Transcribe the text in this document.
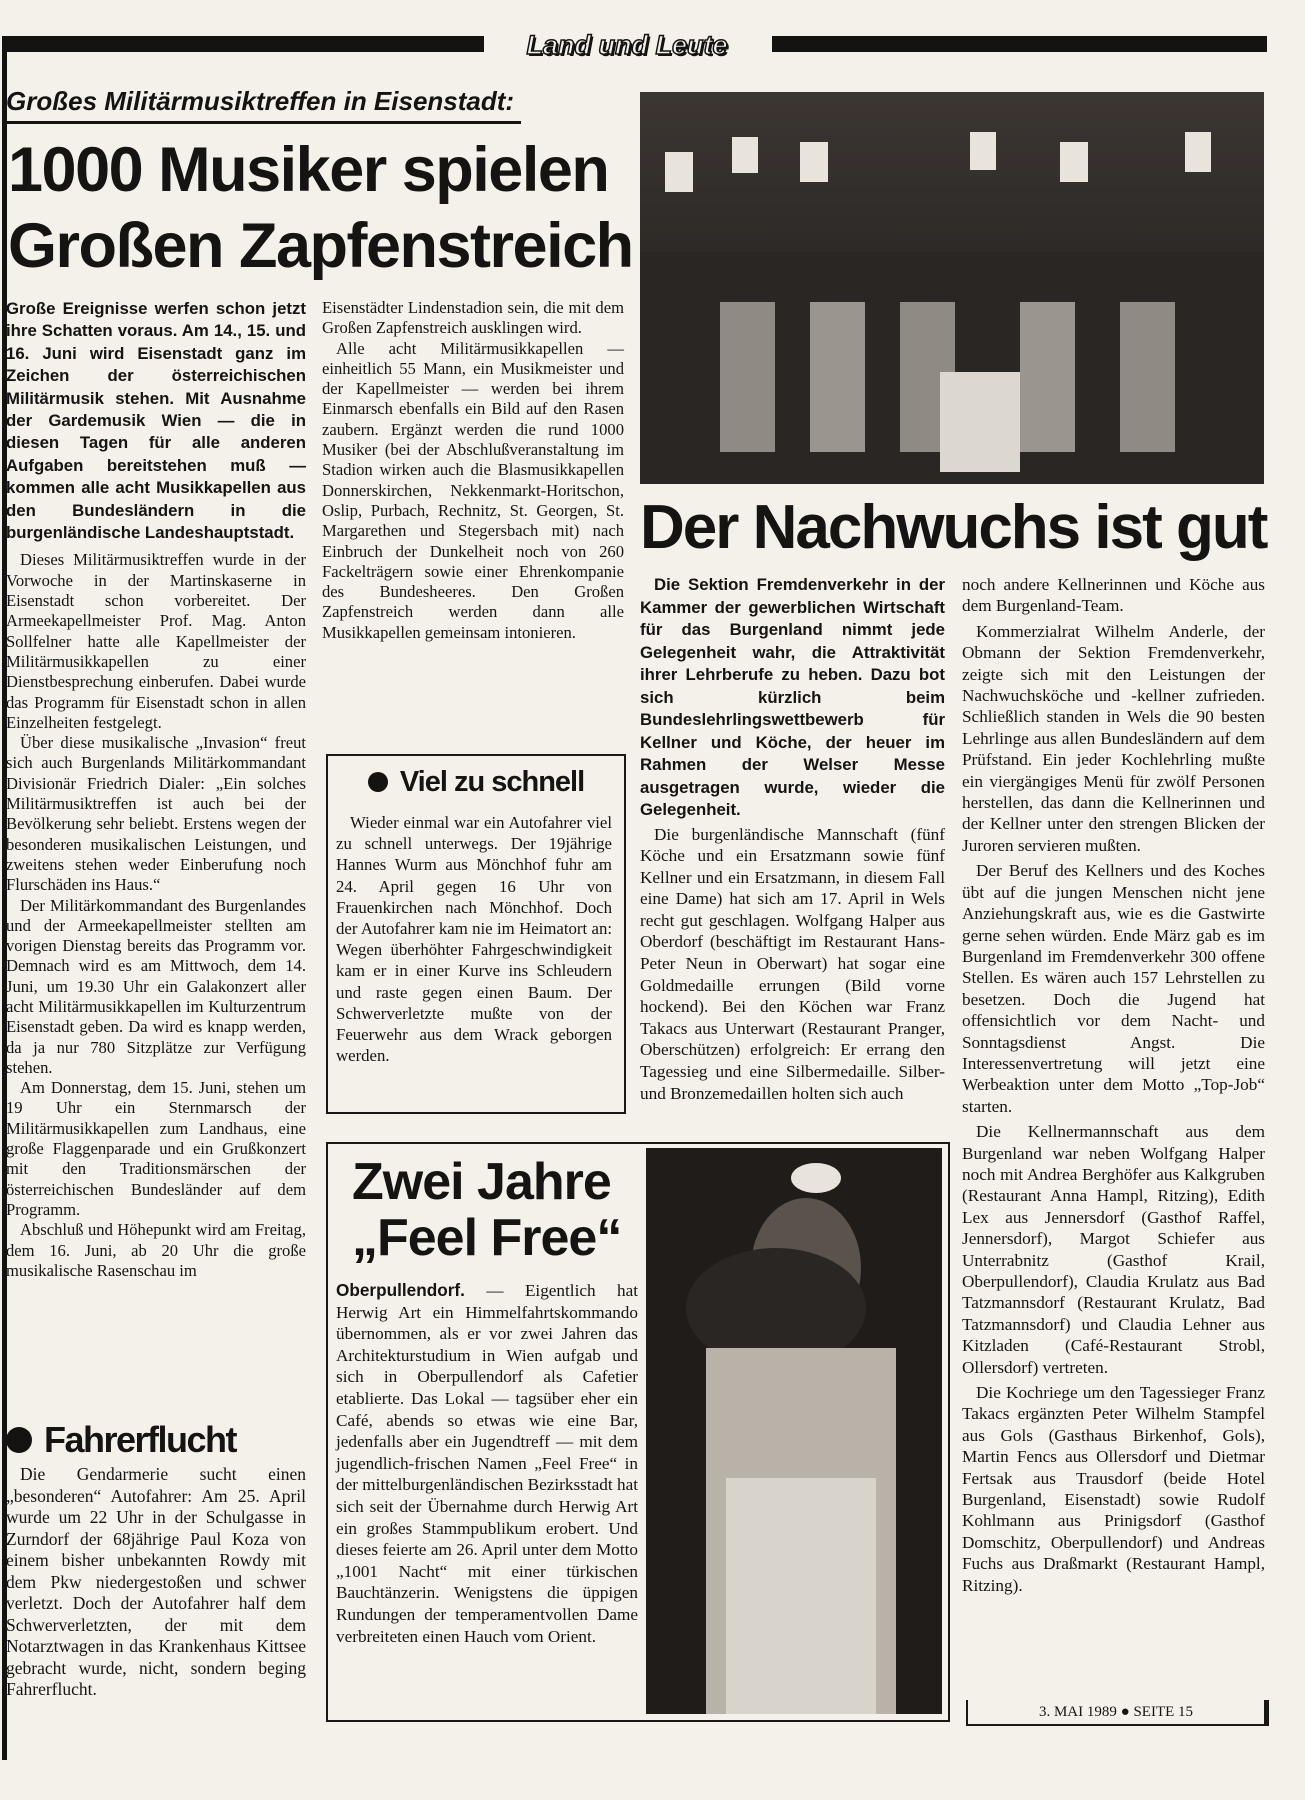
Land und Leute
Großes Militärmusiktreffen in Eisenstadt:
1000 Musiker spielen
Großen Zapfenstreich

Große Ereignisse werfen schon jetzt ihre Schatten voraus. Am 14., 15. und 16. Juni wird Eisenstadt ganz im Zeichen der österreichischen Militärmusik stehen. Mit Ausnahme der Gardemusik Wien — die in diesen Tagen für alle anderen Aufgaben bereitstehen muß — kommen alle acht Musikkapellen aus den Bundesländern in die burgenländische Landeshauptstadt.

Dieses Militärmusiktreffen wurde in der Vorwoche in der Martinskaserne in Eisenstadt schon vorbereitet. Der Armeekapellmeister Prof. Mag. Anton Sollfelner hatte alle Kapellmeister der Militärmusikkapellen zu einer Dienstbesprechung einberufen. Dabei wurde das Programm für Eisenstadt schon in allen Einzelheiten festgelegt.

Über diese musikalische „Invasion“ freut sich auch Burgenlands Militärkommandant Divisionär Friedrich Dialer: „Ein solches Militärmusiktreffen ist auch bei der Bevölkerung sehr beliebt. Erstens wegen der besonderen musikalischen Leistungen, und zweitens stehen weder Einberufung noch Flurschäden ins Haus.“

Der Militärkommandant des Burgenlandes und der Armeekapellmeister stellten am vorigen Dienstag bereits das Programm vor. Demnach wird es am Mittwoch, dem 14. Juni, um 19.30 Uhr ein Galakonzert aller acht Militärmusikkapellen im Kulturzentrum Eisenstadt geben. Da wird es knapp werden, da ja nur 780 Sitzplätze zur Verfügung stehen.

Am Donnerstag, dem 15. Juni, stehen um 19 Uhr ein Sternmarsch der Militärmusikkapellen zum Landhaus, eine große Flaggenparade und ein Grußkonzert mit den Traditionsmärschen der österreichischen Bundesländer auf dem Programm.

Abschluß und Höhepunkt wird am Freitag, dem 16. Juni, ab 20 Uhr die große musikalische Rasenschau im

Eisenstädter Lindenstadion sein, die mit dem Großen Zapfenstreich ausklingen wird.

Alle acht Militärmusikkapellen — einheitlich 55 Mann, ein Musikmeister und der Kapellmeister — werden bei ihrem Einmarsch ebenfalls ein Bild auf den Rasen zaubern. Ergänzt werden die rund 1000 Musiker (bei der Abschlußveranstaltung im Stadion wirken auch die Blasmusikkapellen Donnerskirchen, Nekkenmarkt-Horitschon, Oslip, Purbach, Rechnitz, St. Georgen, St. Margarethen und Stegersbach mit) nach Einbruch der Dunkelheit noch von 260 Fackelträgern sowie einer Ehrenkompanie des Bundesheeres. Den Großen Zapfenstreich werden dann alle Musikkapellen gemeinsam intonieren.

Fahrerflucht

Die Gendarmerie sucht einen „besonderen“ Autofahrer: Am 25. April wurde um 22 Uhr in der Schulgasse in Zurndorf der 68jährige Paul Koza von einem bisher unbekannten Rowdy mit dem Pkw niedergestoßen und schwer verletzt. Doch der Autofahrer half dem Schwerverletzten, der mit dem Notarztwagen in das Krankenhaus Kittsee gebracht wurde, nicht, sondern beging Fahrerflucht.

Der Nachwuchs ist gut

Die Sektion Fremdenverkehr in der Kammer der gewerblichen Wirtschaft für das Burgenland nimmt jede Gelegenheit wahr, die Attraktivität ihrer Lehrberufe zu heben. Dazu bot sich kürzlich beim Bundeslehrlingswettbewerb für Kellner und Köche, der heuer im Rahmen der Welser Messe ausgetragen wurde, wieder die Gelegenheit.

Die burgenländische Mannschaft (fünf Köche und ein Ersatzmann sowie fünf Kellner und ein Ersatzmann, in diesem Fall eine Dame) hat sich am 17. April in Wels recht gut geschlagen. Wolfgang Halper aus Oberdorf (beschäftigt im Restaurant Hans-Peter Neun in Oberwart) hat sogar eine Goldmedaille errungen (Bild vorne hockend). Bei den Köchen war Franz Takacs aus Unterwart (Restaurant Pranger, Oberschützen) erfolgreich: Er errang den Tagessieg und eine Silbermedaille. Silber- und Bronzemedaillen holten sich auch

noch andere Kellnerinnen und Köche aus dem Burgenland-Team.

Kommerzialrat Wilhelm Anderle, der Obmann der Sektion Fremdenverkehr, zeigte sich mit den Leistungen der Nachwuchsköche und -kellner zufrieden. Schließlich standen in Wels die 90 besten Lehrlinge aus allen Bundesländern auf dem Prüfstand. Ein jeder Kochlehrling mußte ein viergängiges Menü für zwölf Personen herstellen, das dann die Kellnerinnen und der Kellner unter den strengen Blicken der Juroren servieren mußten.

Der Beruf des Kellners und des Koches übt auf die jungen Menschen nicht jene Anziehungskraft aus, wie es die Gastwirte gerne sehen würden. Ende März gab es im Burgenland im Fremdenverkehr 300 offene Stellen. Es wären auch 157 Lehrstellen zu besetzen. Doch die Jugend hat offensichtlich vor dem Nacht- und Sonntagsdienst Angst. Die Interessenvertretung will jetzt eine Werbeaktion unter dem Motto „Top-Job“ starten.

Die Kellnermannschaft aus dem Burgenland war neben Wolfgang Halper noch mit Andrea Berghöfer aus Kalkgruben (Restaurant Anna Hampl, Ritzing), Edith Lex aus Jennersdorf (Gasthof Raffel, Jennersdorf), Margot Schiefer aus Unterrabnitz (Gasthof Krail, Oberpullendorf), Claudia Krulatz aus Bad Tatzmannsdorf (Restaurant Krulatz, Bad Tatzmannsdorf) und Claudia Lehner aus Kitzladen (Café-Restaurant Strobl, Ollersdorf) vertreten.

Die Kochriege um den Tagessieger Franz Takacs ergänzten Peter Wilhelm Stampfel aus Gols (Gasthaus Birkenhof, Gols), Martin Fencs aus Ollersdorf und Dietmar Fertsak aus Trausdorf (beide Hotel Burgenland, Eisenstadt) sowie Rudolf Kohlmann aus Prinigsdorf (Gasthof Domschitz, Oberpullendorf) und Andreas Fuchs aus Draßmarkt (Restaurant Hampl, Ritzing).

Viel zu schnell

Wieder einmal war ein Autofahrer viel zu schnell unterwegs. Der 19jährige Hannes Wurm aus Mönchhof fuhr am 24. April gegen 16 Uhr von Frauenkirchen nach Mönchhof. Doch der Autofahrer kam nie im Heimatort an: Wegen überhöhter Fahrgeschwindigkeit kam er in einer Kurve ins Schleudern und raste gegen einen Baum. Der Schwerverletzte mußte von der Feuerwehr aus dem Wrack geborgen werden.

Zwei Jahre
„Feel Free“
Oberpullendorf. — Eigentlich hat Herwig Art ein Himmelfahrtskommando übernommen, als er vor zwei Jahren das Architekturstudium in Wien aufgab und sich in Oberpullendorf als Cafetier etablierte. Das Lokal — tagsüber eher ein Café, abends so etwas wie eine Bar, jedenfalls aber ein Jugendtreff — mit dem jugendlich-frischen Namen „Feel Free“ in der mittelburgenländischen Bezirksstadt hat sich seit der Übernahme durch Herwig Art ein großes Stammpublikum erobert. Und dieses feierte am 26. April unter dem Motto „1001 Nacht“ mit einer türkischen Bauchtänzerin. Wenigstens die üppigen Rundungen der temperamentvollen Dame verbreiteten einen Hauch vom Orient.
3. MAI 1989 ● SEITE 15
